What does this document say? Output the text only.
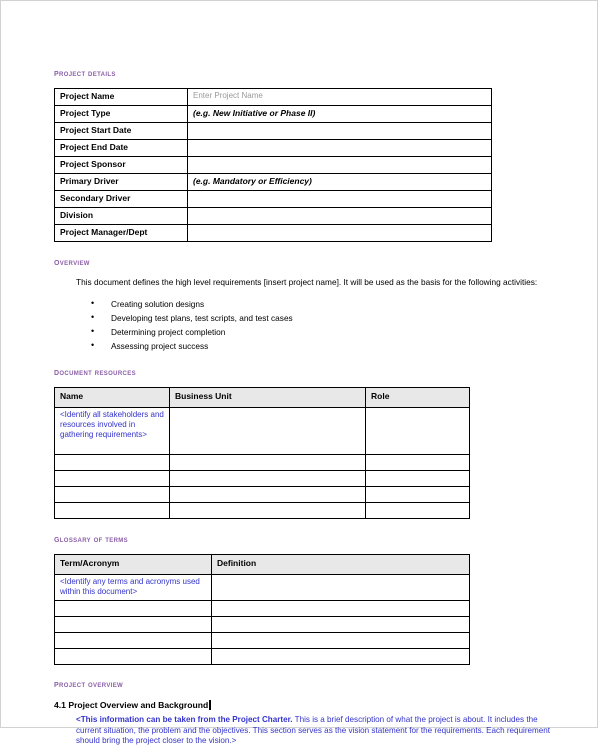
project details
Project Name	Enter Project Name
Project Type	(e.g. New Initiative or Phase II)
Project Start Date	
Project End Date	
Project Sponsor	
Primary Driver	(e.g. Mandatory or Efficiency)
Secondary Driver	
Division	
Project Manager/Dept	
overview

This document defines the high level requirements [insert project name]. It will be used as the basis for the following activities:

• Creating solution designs
• Developing test plans, test scripts, and test cases
• Determining project completion
• Assessing project success
document resources
Name	Business Unit	Role
<Identify all stakeholders and resources involved in gathering requirements>		

glossary of terms
Term/Acronym	Definition
<Identify any terms and acronyms used within this document>	

project overview
4.1 Project Overview and Background

<This information can be taken from the Project Charter. This is a brief description of what the project is about. It includes the current situation, the problem and the objectives. This section serves as the vision statement for the requirements. Each requirement should bring the project closer to the vision.>
